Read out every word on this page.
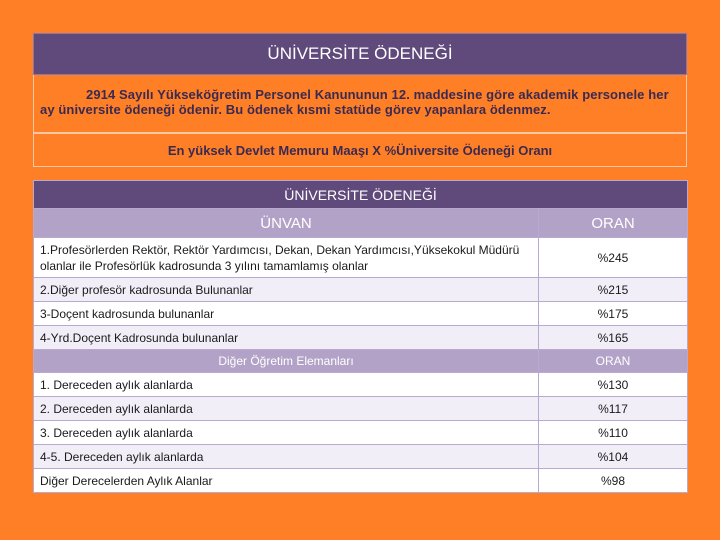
ÜNİVERSİTE ÖDENEĞİ

2914 Sayılı Yükseköğretim Personel Kanununun 12. maddesine göre akademik personele her ay üniversite ödeneği ödenir. Bu ödenek kısmi statüde görev yapanlara ödenmez.

En yüksek Devlet Memuru Maaşı X %Üniversite Ödeneği Oranı
ÜNİVERSİTE ÖDENEĞİ	
ÜNVAN	ORAN
1.Profesörlerden Rektör, Rektör Yardımcısı, Dekan, Dekan Yardımcısı,Yüksekokul Müdürü olanlar ile Profesörlük kadrosunda 3 yılını tamamlamış olanlar	%245
2.Diğer profesör kadrosunda Bulunanlar	%215
3-Doçent kadrosunda bulunanlar	%175
4-Yrd.Doçent Kadrosunda bulunanlar	%165
Diğer Öğretim Elemanları	ORAN
1. Dereceden aylık alanlarda	%130
2. Dereceden aylık alanlarda	%117
3. Dereceden aylık alanlarda	%110
4-5. Dereceden aylık alanlarda	%104
Diğer Derecelerden Aylık Alanlar	%98
